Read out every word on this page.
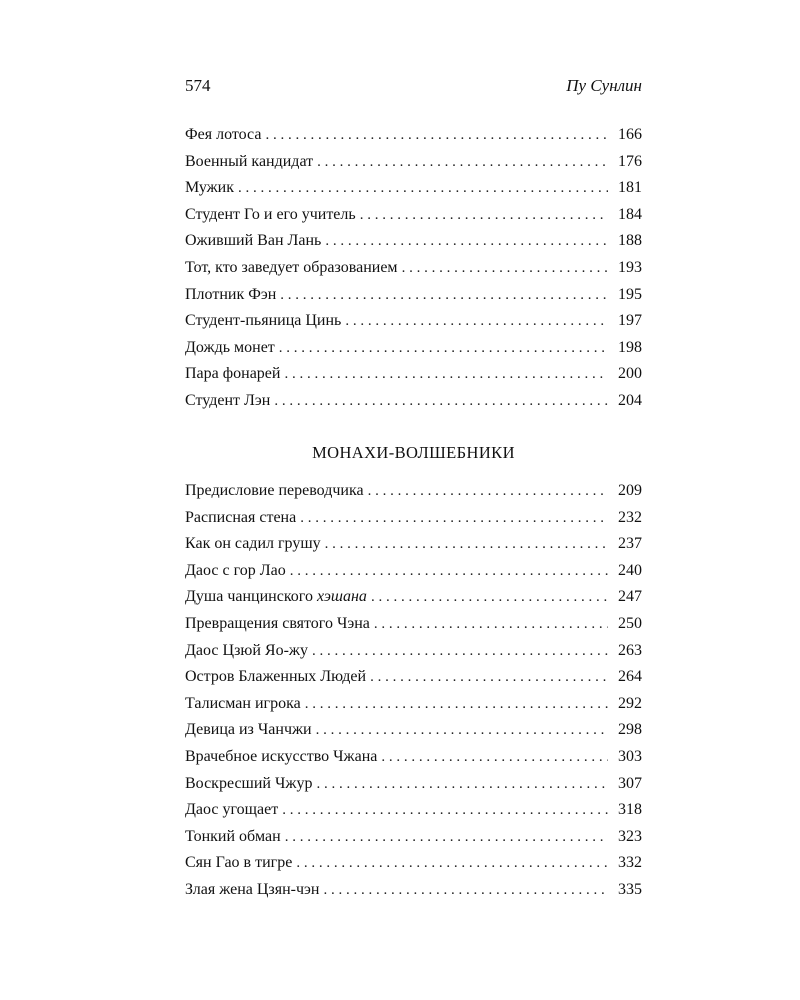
574	Пу Сунлин
Фея лотоса . . .	166
Военный кандидат . . .	176
Мужик . . .	181
Студент Го и его учитель . . .	184
Оживший Ван Лань . . .	188
Тот, кто заведует образованием . . .	193
Плотник Фэн . . .	195
Студент-пьяница Цинь . . .	197
Дождь монет . . .	198
Пара фонарей . . .	200
Студент Лэн . . .	204
МОНАХИ-ВОЛШЕБНИКИ
Предисловие переводчика . . .	209
Расписная стена . . .	232
Как он садил грушу . . .	237
Даос с гор Лао . . .	240
Душа чанцинского хэшана . . .	247
Превращения святого Чэна . . .	250
Даос Цзюй Яо-жу . . .	263
Остров Блаженных Людей . . .	264
Талисман игрока . . .	292
Девица из Чанчжи . . .	298
Врачебное искусство Чжана . . .	303
Воскресший Чжур . . .	307
Даос угощает . . .	318
Тонкий обман . . .	323
Сян Гао в тигре . . .	332
Злая жена Цзян-чэн . . .	335
